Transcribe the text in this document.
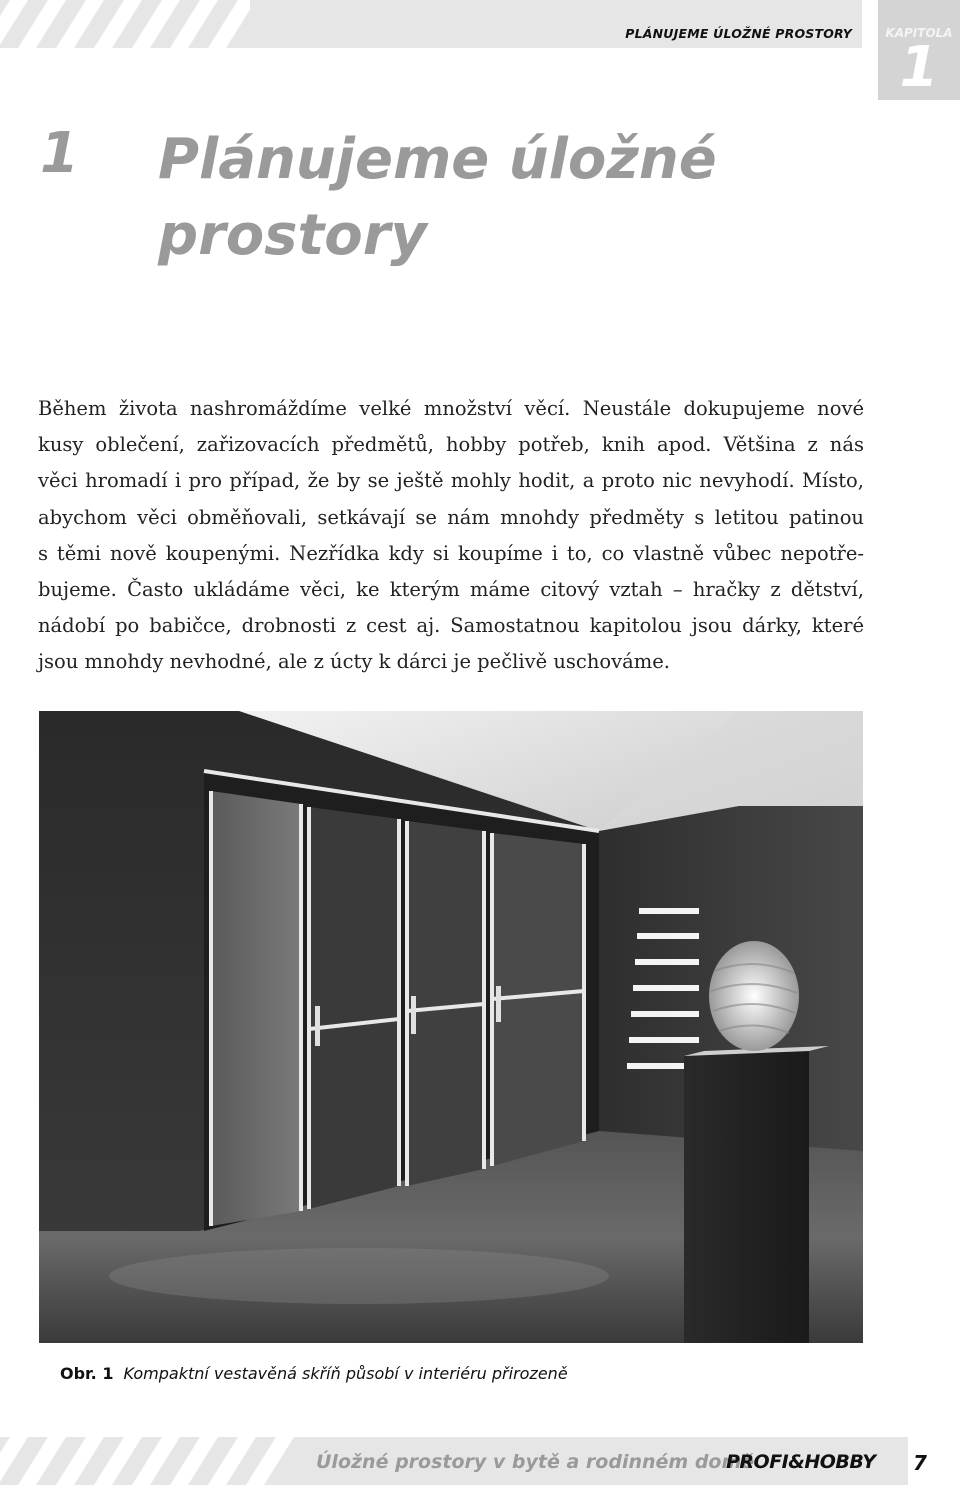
PLÁNUJEME ÚLOŽNÉ PROSTORY	KAPITOLA
1
1 Plánujeme úložné
prostory
Během života nashromáždíme velké množství věcí. Neustále dokupujeme nové
kusy oblečení, zařizovacích předmětů, hobby potřeb, knih apod. Většina z nás
věci hromadí i pro případ, že by se ještě mohly hodit, a proto nic nevyhodí. Místo,
abychom věci obměňovali, setkávají se nám mnohdy předměty s letitou patinou
s těmi nově koupenými. Nezřídka kdy si koupíme i to, co vlastně vůbec nepotře-
bujeme. Často ukládáme věci, ke kterým máme citový vztah – hračky z dětství,
nádobí po babičce, drobnosti z cest aj. Samostatnou kapitolou jsou dárky, které
jsou mnohdy nevhodné, ale z úcty k dárci je pečlivě uschováme.
Obr. 1 Kompaktní vestavěná skříň působí v interiéru přirozeně
Úložné prostory v bytě a rodinném domě
PROFI&HOBBY 7
